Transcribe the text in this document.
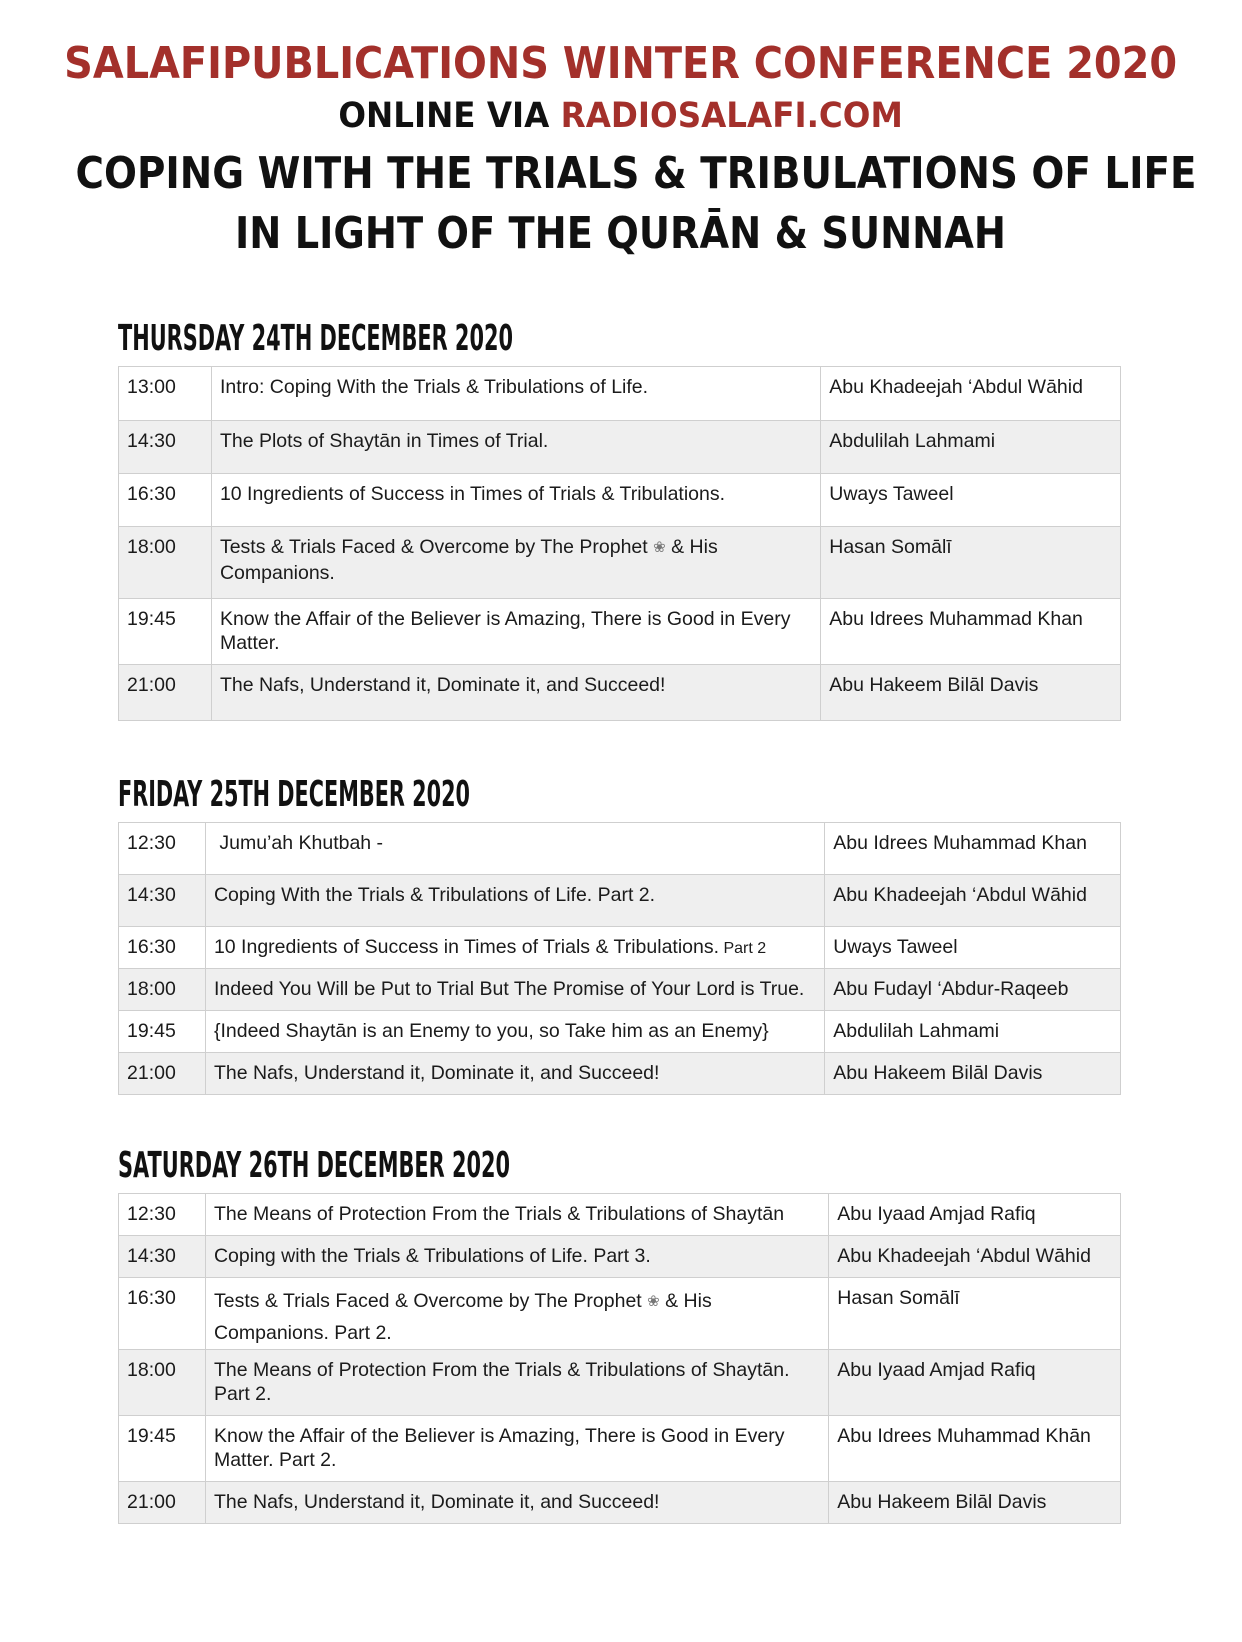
SALAFIPUBLICATIONS WINTER CONFERENCE 2020
ONLINE VIA RADIOSALAFI.COM
COPING WITH THE TRIALS & TRIBULATIONS OF LIFE
IN LIGHT OF THE QURĀN & SUNNAH
THURSDAY 24TH DECEMBER 2020
13:00	Intro: Coping With the Trials & Tribulations of Life.	Abu Khadeejah ‘Abdul Wāhid
14:30	The Plots of Shaytān in Times of Trial.	Abdulilah Lahmami
16:30	10 Ingredients of Success in Times of Trials & Tribulations.	Uways Taweel
18:00	Tests & Trials Faced & Overcome by The Prophet ❀ & His Companions.	Hasan Somālī
19:45	Know the Affair of the Believer is Amazing, There is Good in Every Matter.	Abu Idrees Muhammad Khan
21:00	The Nafs, Understand it, Dominate it, and Succeed!	Abu Hakeem Bilāl Davis
FRIDAY 25TH DECEMBER 2020
12:30	Jumu’ah Khutbah -	Abu Idrees Muhammad Khan
14:30	Coping With the Trials & Tribulations of Life. Part 2.	Abu Khadeejah ‘Abdul Wāhid
16:30	10 Ingredients of Success in Times of Trials & Tribulations. Part 2	Uways Taweel
18:00	Indeed You Will be Put to Trial But The Promise of Your Lord is True.	Abu Fudayl ‘Abdur-Raqeeb
19:45	{Indeed Shaytān is an Enemy to you, so Take him as an Enemy}	Abdulilah Lahmami
21:00	The Nafs, Understand it, Dominate it, and Succeed!	Abu Hakeem Bilāl Davis
SATURDAY 26TH DECEMBER 2020
12:30	The Means of Protection From the Trials & Tribulations of Shaytān	Abu Iyaad Amjad Rafiq
14:30	Coping with the Trials & Tribulations of Life. Part 3.	Abu Khadeejah ‘Abdul Wāhid
16:30	Tests & Trials Faced & Overcome by The Prophet ❀ & His Companions. Part 2.	Hasan Somālī
18:00	The Means of Protection From the Trials & Tribulations of Shaytān. Part 2.	Abu Iyaad Amjad Rafiq
19:45	Know the Affair of the Believer is Amazing, There is Good in Every Matter. Part 2.	Abu Idrees Muhammad Khān
21:00	The Nafs, Understand it, Dominate it, and Succeed!	Abu Hakeem Bilāl Davis
